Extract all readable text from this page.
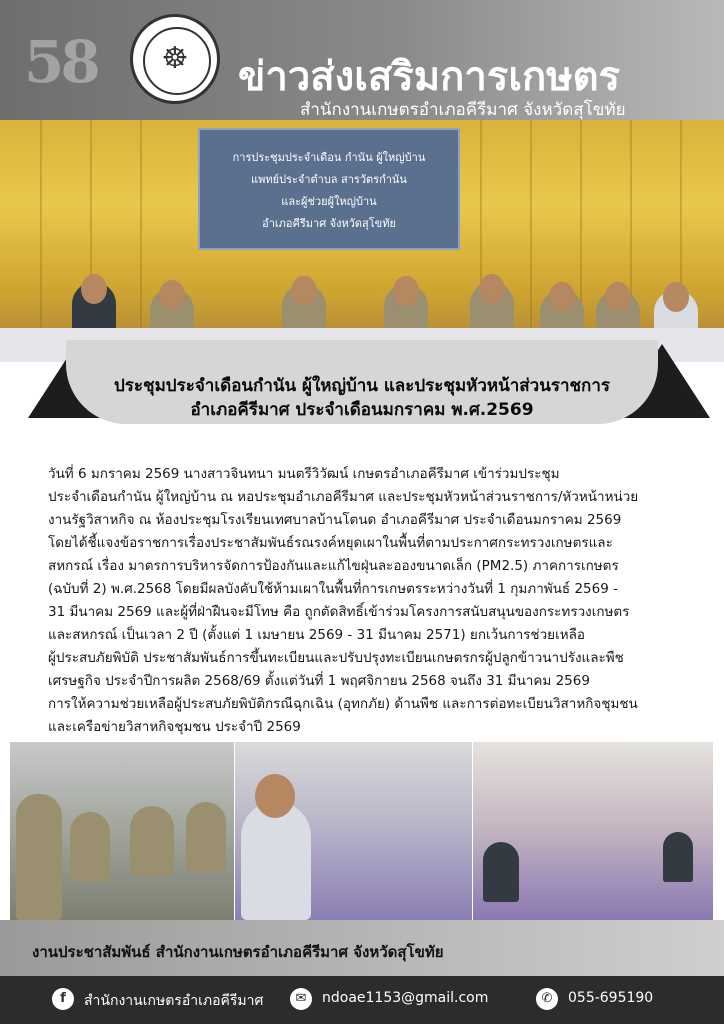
58	☸	ข่าวส่งเสริมการเกษตร
สำนักงานเกษตรอำเภอคีรีมาศ จังหวัดสุโขทัย
การประชุมประจำเดือน กำนัน ผู้ใหญ่บ้าน
แพทย์ประจำตำบล สารวัตรกำนัน
และผู้ช่วยผู้ใหญ่บ้าน
อำเภอคีรีมาศ จังหวัดสุโขทัย
ประชุมประจำเดือนกำนัน ผู้ใหญ่บ้าน และประชุมหัวหน้าส่วนราชการ
อำเภอคีรีมาศ ประจำเดือนมกราคม พ.ศ.2569
วันที่ 6 มกราคม 2569 นางสาวจินทนา มนตรีวิวัฒน์ เกษตรอำเภอคีรีมาศ เข้าร่วมประชุม
ประจำเดือนกำนัน ผู้ใหญ่บ้าน ณ หอประชุมอำเภอคีรีมาศ และประชุมหัวหน้าส่วนราชการ/หัวหน้าหน่วย
งานรัฐวิสาหกิจ ณ ห้องประชุมโรงเรียนเทศบาลบ้านโตนด อำเภอคีรีมาศ ประจำเดือนมกราคม 2569
โดยได้ชี้แจงข้อราชการเรื่องประชาสัมพันธ์รณรงค์หยุดเผาในพื้นที่ตามประกาศกระทรวงเกษตรและ
สหกรณ์ เรื่อง มาตรการบริหารจัดการป้องกันและแก้ไขฝุ่นละอองขนาดเล็ก (PM2.5) ภาคการเกษตร
(ฉบับที่ 2) พ.ศ.2568 โดยมีผลบังคับใช้ห้ามเผาในพื้นที่การเกษตรระหว่างวันที่ 1 กุมภาพันธ์ 2569 -
31 มีนาคม 2569 และผู้ที่ฝ่าฝืนจะมีโทษ คือ ถูกตัดสิทธิ์เข้าร่วมโครงการสนับสนุนของกระทรวงเกษตร
และสหกรณ์ เป็นเวลา 2 ปี (ตั้งแต่ 1 เมษายน 2569 - 31 มีนาคม 2571) ยกเว้นการช่วยเหลือ
ผู้ประสบภัยพิบัติ ประชาสัมพันธ์การขึ้นทะเบียนและปรับปรุงทะเบียนเกษตรกรผู้ปลูกข้าวนาปรังและพืช
เศรษฐกิจ ประจำปีการผลิต 2568/69 ตั้งแต่วันที่ 1 พฤศจิกายน 2568 จนถึง 31 มีนาคม 2569
การให้ความช่วยเหลือผู้ประสบภัยพิบัติกรณีฉุกเฉิน (อุทกภัย) ด้านพืช และการต่อทะเบียนวิสาหกิจชุมชน
และเครือข่ายวิสาหกิจชุมชน ประจำปี 2569
งานประชาสัมพันธ์ สำนักงานเกษตรอำเภอคีรีมาศ จังหวัดสุโขทัย
f	สำนักงานเกษตรอำเภอคีรีมาศ	✉	ndoae1153@gmail.com	✆	055-695190
